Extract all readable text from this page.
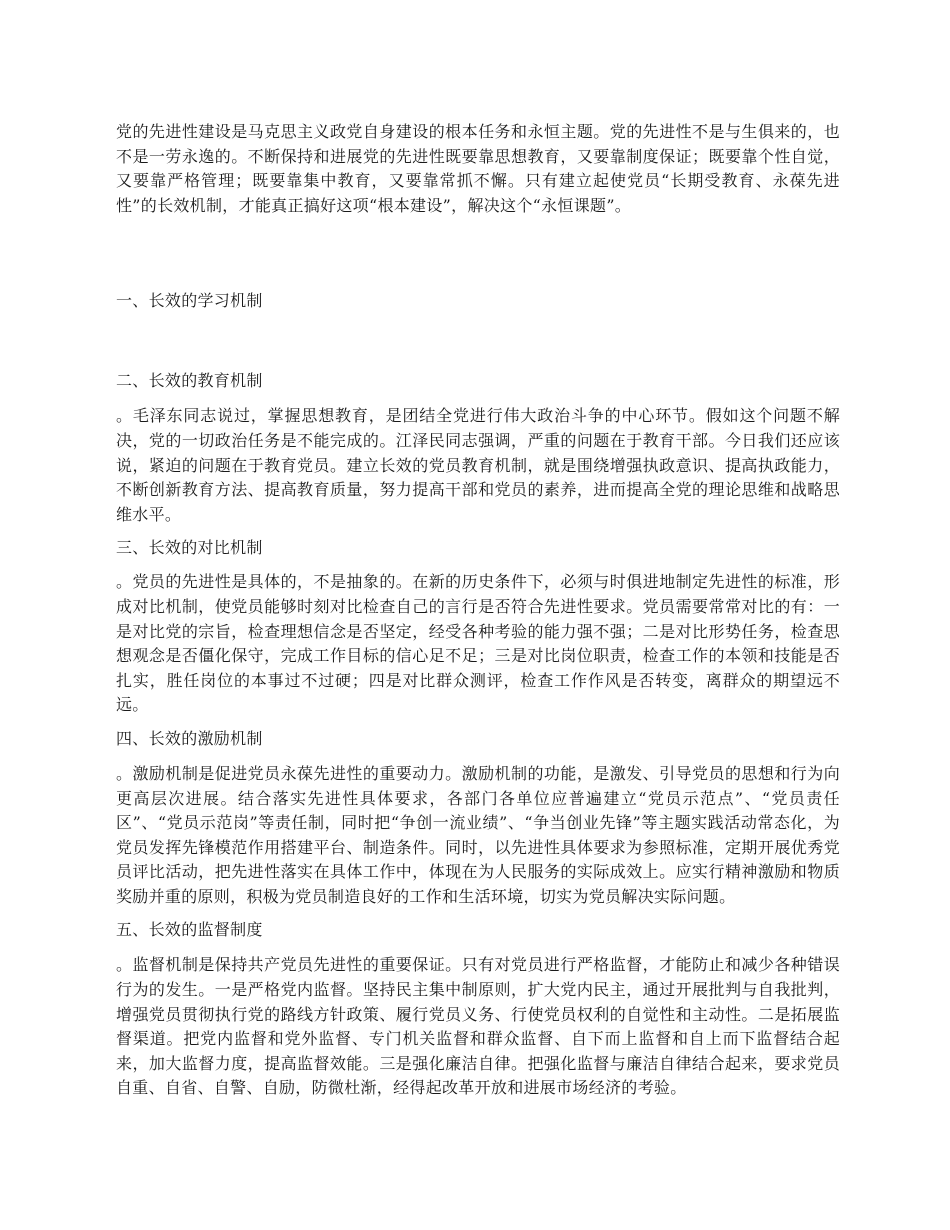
党的先进性建设是马克思主义政党自身建设的根本任务和永恒主题。党的先进性不是与生俱来的，也不是一劳永逸的。不断保持和进展党的先进性既要靠思想教育，又要靠制度保证；既要靠个性自觉，又要靠严格管理；既要靠集中教育，又要靠常抓不懈。只有建立起使党员“长期受教育、永葆先进性”的长效机制，才能真正搞好这项“根本建设”，解决这个“永恒课题”。

一、长效的学习机制

二、长效的教育机制

。毛泽东同志说过，掌握思想教育，是团结全党进行伟大政治斗争的中心环节。假如这个问题不解决，党的一切政治任务是不能完成的。江泽民同志强调，严重的问题在于教育干部。今日我们还应该说，紧迫的问题在于教育党员。建立长效的党员教育机制，就是围绕增强执政意识、提高执政能力，不断创新教育方法、提高教育质量，努力提高干部和党员的素养，进而提高全党的理论思维和战略思维水平。

三、长效的对比机制

。党员的先进性是具体的，不是抽象的。在新的历史条件下，必须与时俱进地制定先进性的标准，形成对比机制，使党员能够时刻对比检查自己的言行是否符合先进性要求。党员需要常常对比的有：一是对比党的宗旨，检查理想信念是否坚定，经受各种考验的能力强不强；二是对比形势任务，检查思想观念是否僵化保守，完成工作目标的信心足不足；三是对比岗位职责，检查工作的本领和技能是否扎实，胜任岗位的本事过不过硬；四是对比群众测评，检查工作作风是否转变，离群众的期望远不远。

四、长效的激励机制

。激励机制是促进党员永葆先进性的重要动力。激励机制的功能，是激发、引导党员的思想和行为向更高层次进展。结合落实先进性具体要求，各部门各单位应普遍建立“党员示范点”、“党员责任区”、“党员示范岗”等责任制，同时把“争创一流业绩”、“争当创业先锋”等主题实践活动常态化，为党员发挥先锋模范作用搭建平台、制造条件。同时，以先进性具体要求为参照标准，定期开展优秀党员评比活动，把先进性落实在具体工作中，体现在为人民服务的实际成效上。应实行精神激励和物质奖励并重的原则，积极为党员制造良好的工作和生活环境，切实为党员解决实际问题。

五、长效的监督制度

。监督机制是保持共产党员先进性的重要保证。只有对党员进行严格监督，才能防止和减少各种错误行为的发生。一是严格党内监督。坚持民主集中制原则，扩大党内民主，通过开展批判与自我批判，增强党员贯彻执行党的路线方针政策、履行党员义务、行使党员权利的自觉性和主动性。二是拓展监督渠道。把党内监督和党外监督、专门机关监督和群众监督、自下而上监督和自上而下监督结合起来，加大监督力度，提高监督效能。三是强化廉洁自律。把强化监督与廉洁自律结合起来，要求党员自重、自省、自警、自励，防微杜渐，经得起改革开放和进展市场经济的考验。
